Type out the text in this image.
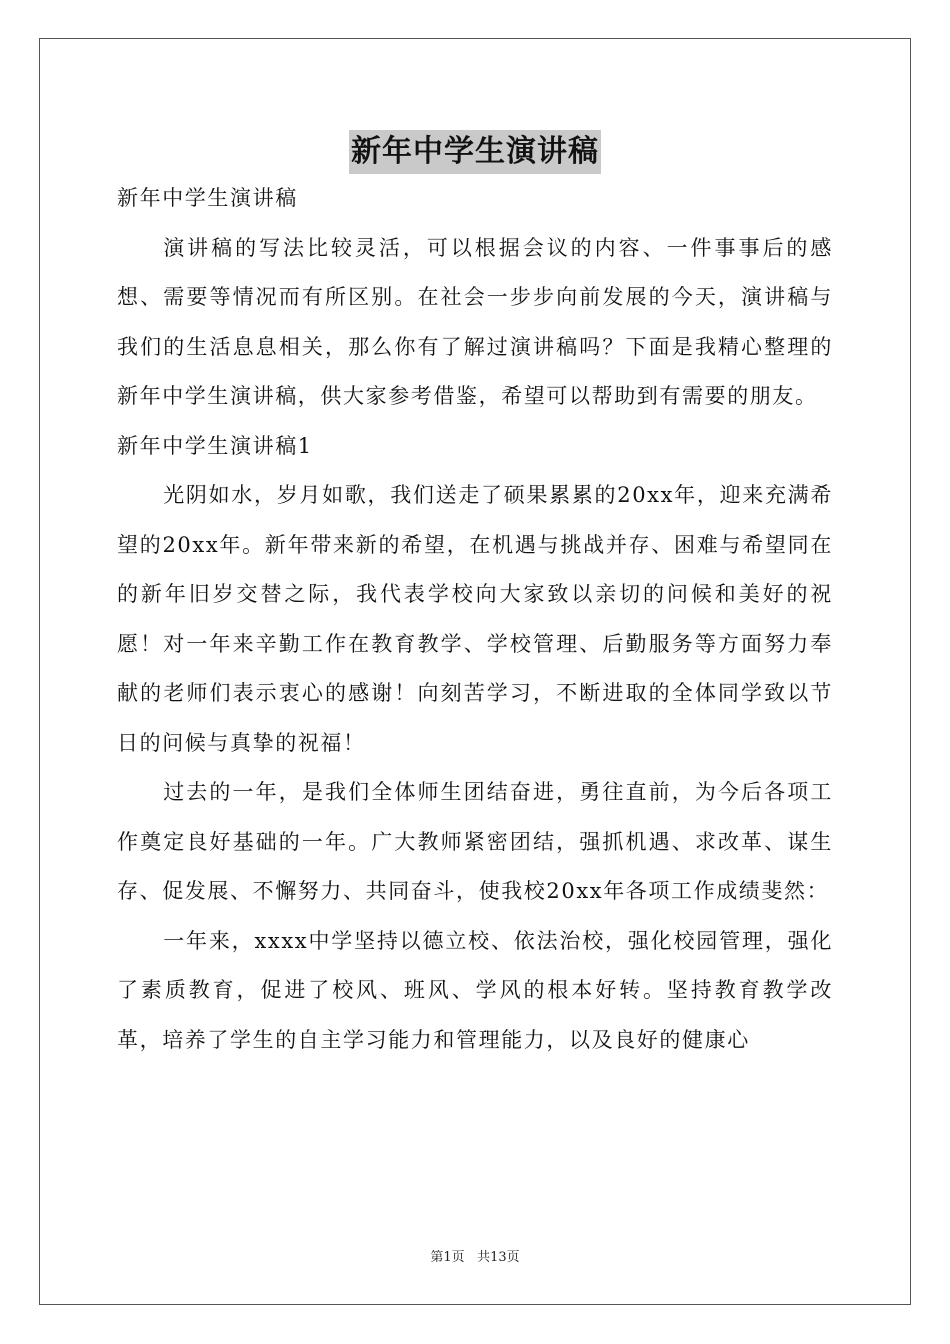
新年中学生演讲稿

新年中学生演讲稿

演讲稿的写法比较灵活，可以根据会议的内容、一件事事后的感想、需要等情况而有所区别。在社会一步步向前发展的今天，演讲稿与我们的生活息息相关，那么你有了解过演讲稿吗？下面是我精心整理的新年中学生演讲稿，供大家参考借鉴，希望可以帮助到有需要的朋友。

新年中学生演讲稿1

光阴如水，岁月如歌，我们送走了硕果累累的20xx年，迎来充满希望的20xx年。新年带来新的希望，在机遇与挑战并存、困难与希望同在的新年旧岁交替之际，我代表学校向大家致以亲切的问候和美好的祝愿！对一年来辛勤工作在教育教学、学校管理、后勤服务等方面努力奉献的老师们表示衷心的感谢！向刻苦学习，不断进取的全体同学致以节日的问候与真挚的祝福！

过去的一年，是我们全体师生团结奋进，勇往直前，为今后各项工作奠定良好基础的一年。广大教师紧密团结，强抓机遇、求改革、谋生存、促发展、不懈努力、共同奋斗，使我校20xx年各项工作成绩斐然：

一年来，xxxx中学坚持以德立校、依法治校，强化校园管理，强化了素质教育，促进了校风、班风、学风的根本好转。坚持教育教学改革，培养了学生的自主学习能力和管理能力，以及良好的健康心

第1页 共13页
